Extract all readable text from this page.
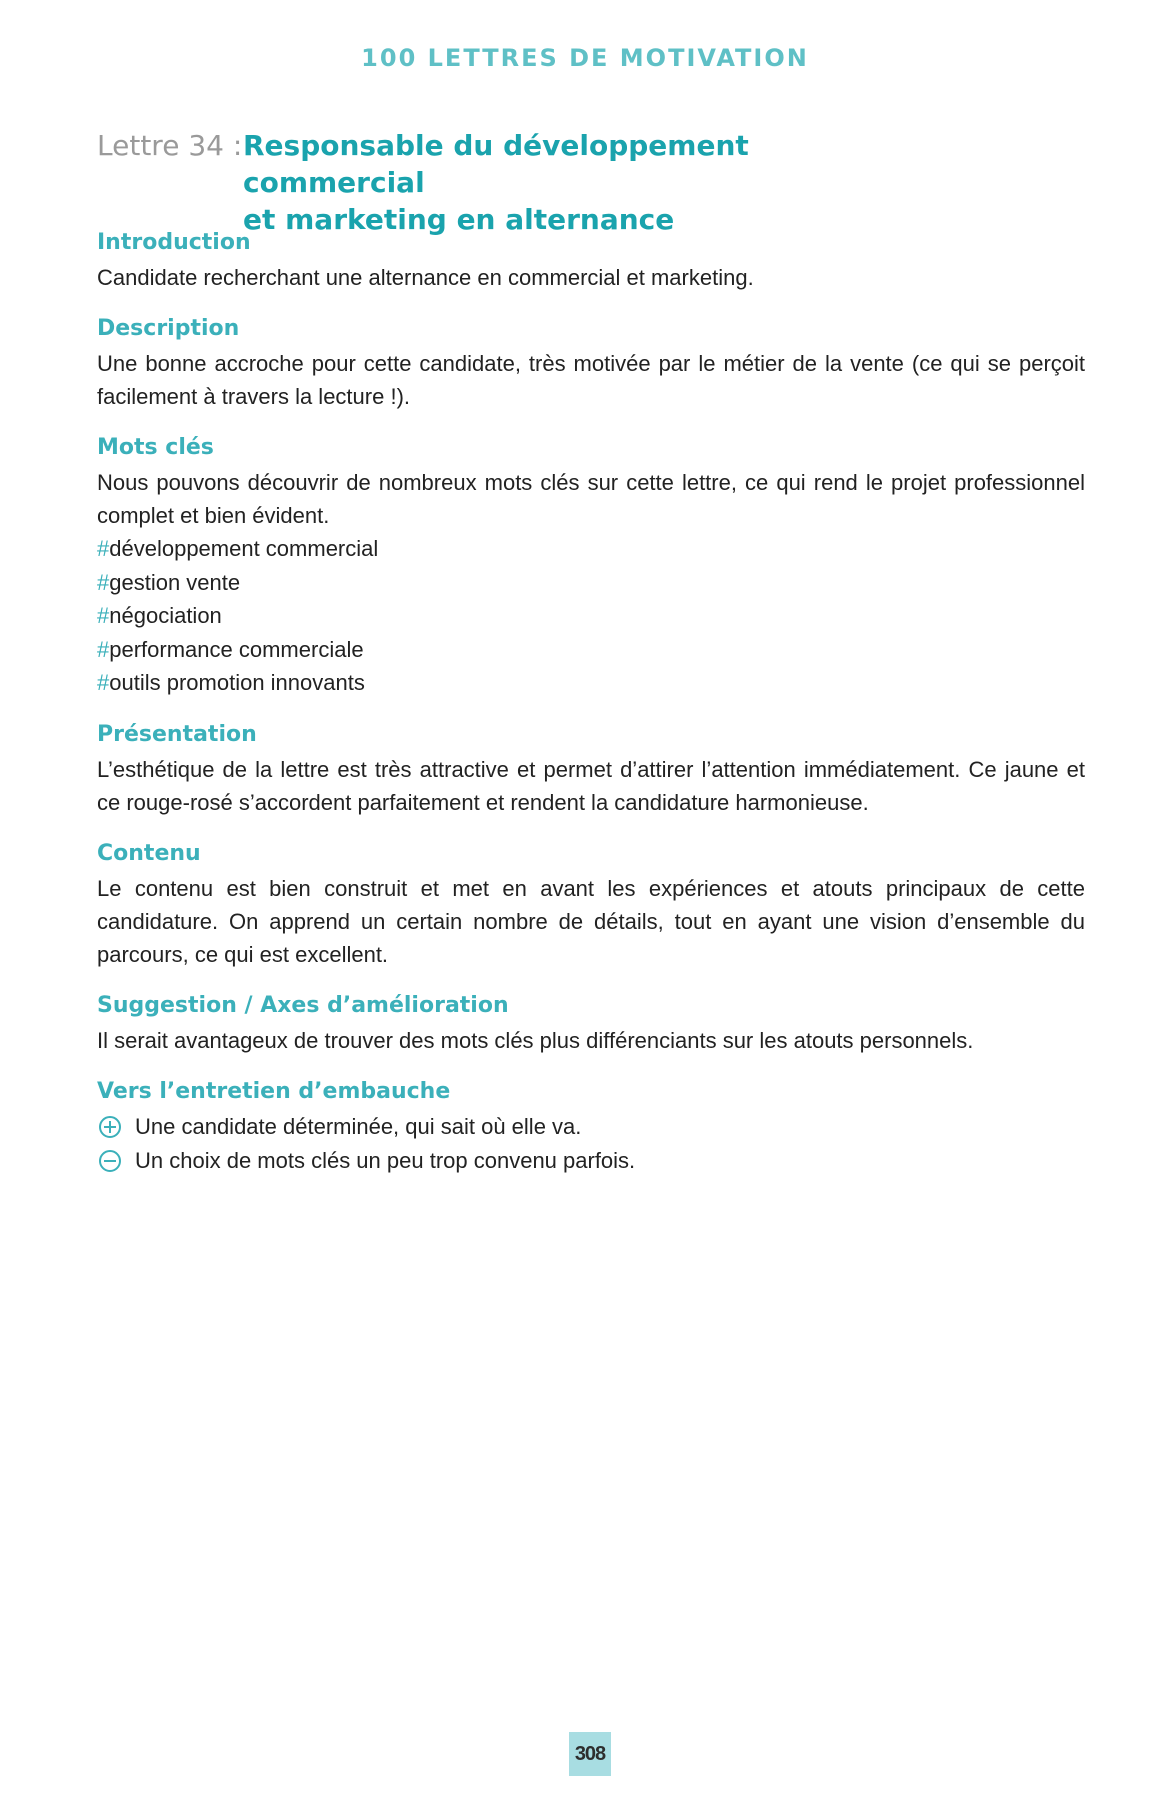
100 LETTRES DE MOTIVATION
Lettre 34 :Responsable du développement commercial
et marketing en alternance
Introduction

Candidate recherchant une alternance en commercial et marketing.

Description

Une bonne accroche pour cette candidate, très motivée par le métier de la vente (ce qui se perçoit facilement à travers la lecture !).

Mots clés

Nous pouvons découvrir de nombreux mots clés sur cette lettre, ce qui rend le projet professionnel complet et bien évident.

#développement commercial
#gestion vente
#négociation
#performance commerciale
#outils promotion innovants
Présentation

L’esthétique de la lettre est très attractive et permet d’attirer l’attention immédiatement. Ce jaune et ce rouge-rosé s’accordent parfaitement et rendent la candidature harmonieuse.

Contenu

Le contenu est bien construit et met en avant les expériences et atouts principaux de cette candidature. On apprend un certain nombre de détails, tout en ayant une vision d’ensemble du parcours, ce qui est excellent.

Suggestion / Axes d’amélioration

Il serait avantageux de trouver des mots clés plus différenciants sur les atouts personnels.

Vers l’entretien d’embauche
Une candidate déterminée, qui sait où elle va.
Un choix de mots clés un peu trop convenu parfois.
308
